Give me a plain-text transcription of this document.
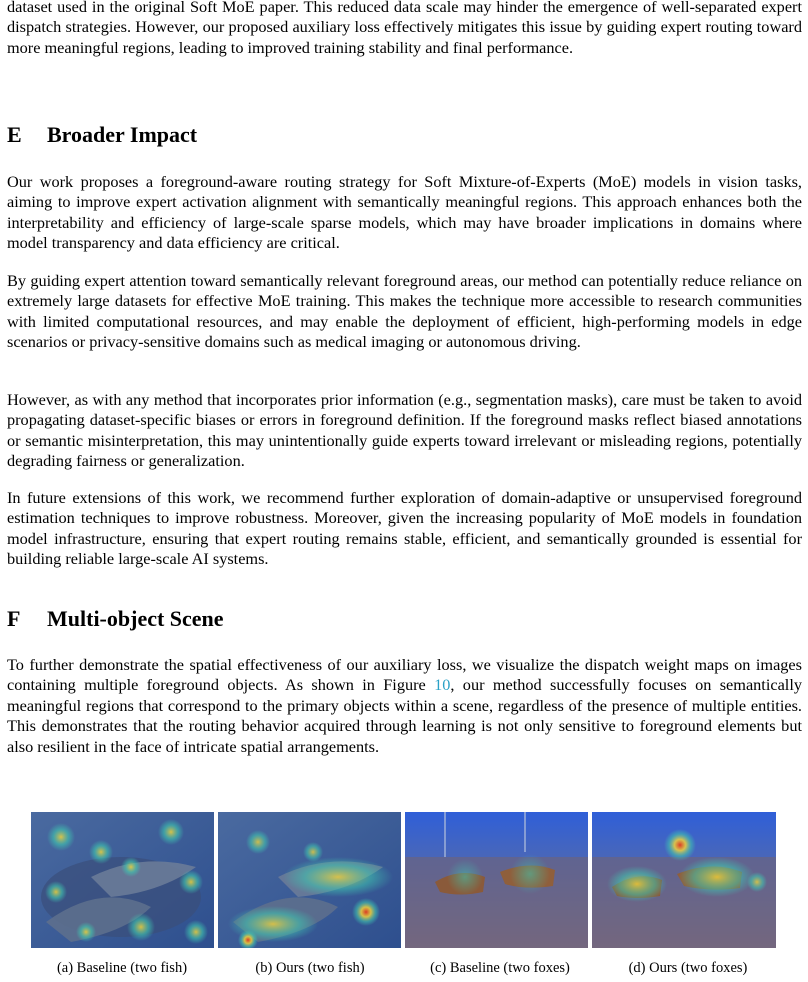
dataset used in the original Soft MoE paper. This reduced data scale may hinder the emergence of well-separated expert dispatch strategies. However, our proposed auxiliary loss effectively mitigates this issue by guiding expert routing toward more meaningful regions, leading to improved training stability and final performance.

E Broader Impact

Our work proposes a foreground-aware routing strategy for Soft Mixture-of-Experts (MoE) models in vision tasks, aiming to improve expert activation alignment with semantically meaningful regions. This approach enhances both the interpretability and efficiency of large-scale sparse models, which may have broader implications in domains where model transparency and data efficiency are critical.

By guiding expert attention toward semantically relevant foreground areas, our method can potentially reduce reliance on extremely large datasets for effective MoE training. This makes the technique more accessible to research communities with limited computational resources, and may enable the deployment of efficient, high-performing models in edge scenarios or privacy-sensitive domains such as medical imaging or autonomous driving.

However, as with any method that incorporates prior information (e.g., segmentation masks), care must be taken to avoid propagating dataset-specific biases or errors in foreground definition. If the foreground masks reflect biased annotations or semantic misinterpretation, this may unintentionally guide experts toward irrelevant or misleading regions, potentially degrading fairness or generalization.

In future extensions of this work, we recommend further exploration of domain-adaptive or unsupervised foreground estimation techniques to improve robustness. Moreover, given the increasing popularity of MoE models in foundation model infrastructure, ensuring that expert routing remains stable, efficient, and semantically grounded is essential for building reliable large-scale AI systems.

F Multi-object Scene

To further demonstrate the spatial effectiveness of our auxiliary loss, we visualize the dispatch weight maps on images containing multiple foreground objects. As shown in Figure 10, our method successfully focuses on semantically meaningful regions that correspond to the primary objects within a scene, regardless of the presence of multiple entities. This demonstrates that the routing behavior acquired through learning is not only sensitive to foreground elements but also resilient in the face of intricate spatial arrangements.

(a) Baseline (two fish)	(b) Ours (two fish)	(c) Baseline (two foxes)	(d) Ours (two foxes)
